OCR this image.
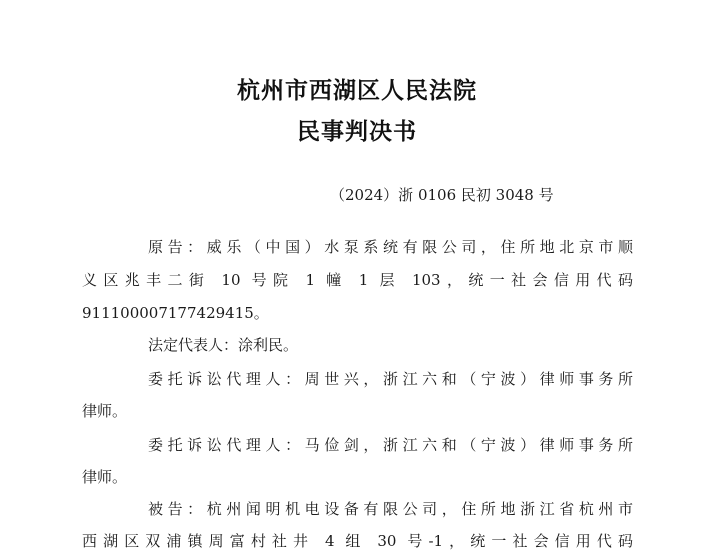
杭州市西湖区人民法院
民事判决书
（2024）浙 0106 民初 3048 号
原告：威乐（中国）水泵系统有限公司，住所地北京市顺
义区兆丰二街 10 号院 1 幢 1 层 103，统一社会信用代码
911100007177429415。
法定代表人：涂利民。
委托诉讼代理人：周世兴，浙江六和（宁波）律师事务所
律师。
委托诉讼代理人：马俭剑，浙江六和（宁波）律师事务所
律师。
被告：杭州闻明机电设备有限公司，住所地浙江省杭州市
西湖区双浦镇周富村社井 4 组 30 号-1，统一社会信用代码
